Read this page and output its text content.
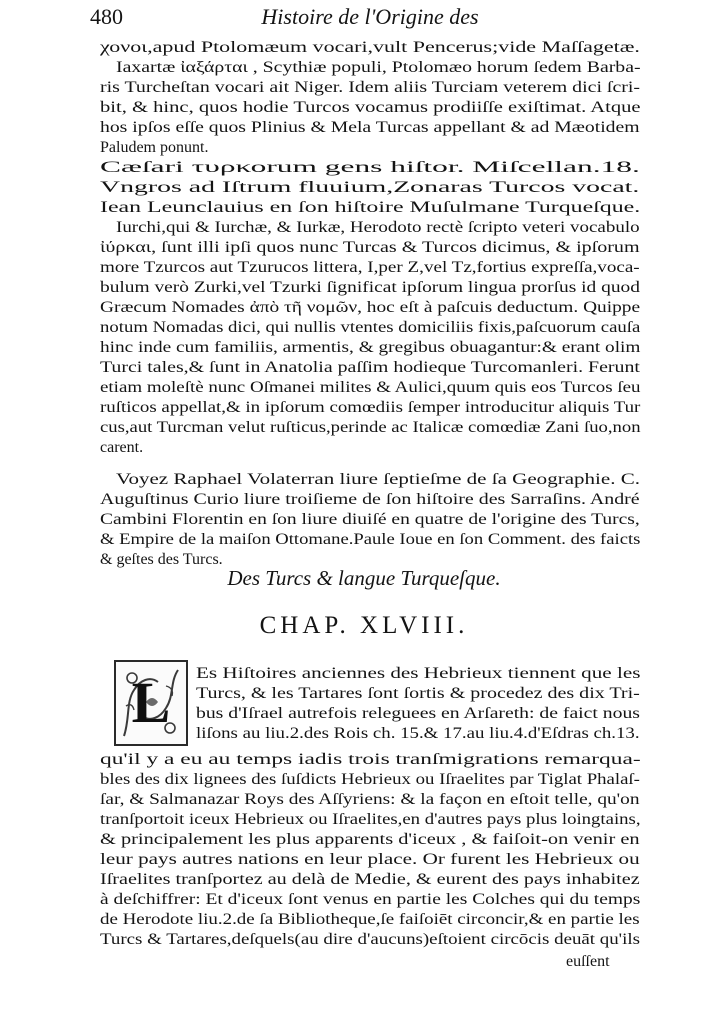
480	Histoire de l'Origine des
χονοι,apud Ptolomæum vocari,vult Pencerus;vide Maſſagetæ.
Iaxartæ ἰαξάρται , Scythiæ populi, Ptolomæo horum ſedem Barba-
ris Turcheſtan vocari ait Niger. Idem aliis Turciam veterem dici ſcri-
bit, & hinc, quos hodie Turcos vocamus prodiiſſe exiſtimat. Atque
hos ipſos eſſe quos Plinius & Mela Turcas appellant & ad Mæotidem
Paludem ponunt.
Cæſari τυρκοrum gens hiſtor. Miſcellan.18.
Vngros ad Iſtrum fluuium,Zonaras Turcos vocat.
Iean Leunclauius en ſon hiſtoire Muſulmane Turqueſque.
Iurchi,qui & Iurchæ, & Iurkæ, Herodoto rectè ſcripto veteri vocabulo
ἰύρκαι, ſunt illi ipſi quos nunc Turcas & Turcos dicimus, & ipſorum
more Tzurcos aut Tzurucos littera, I,per Z,vel Tz,fortius expreſſa,voca-
bulum verò Zurki,vel Tzurki ſignificat ipſorum lingua prorſus id quod
Græcum Nomades ἀπὸ τῆ νομῶν, hoc eſt à paſcuis deductum. Quippe
notum Nomadas dici, qui nullis vtentes domiciliis fixis,paſcuorum cauſa
hinc inde cum familiis, armentis, & gregibus obuagantur:& erant olim
Turci tales,& ſunt in Anatolia paſſim hodieque Turcomanleri. Ferunt
etiam moleſtè nunc Oſmanei milites & Aulici,quum quis eos Turcos ſeu
ruſticos appellat,& in ipſorum comœdiis ſemper introducitur aliquis Tur
cus,aut Turcman velut ruſticus,perinde ac Italicæ comœdiæ Zani ſuo,non
carent.
Voyez Raphael Volaterran liure ſeptieſme de ſa Geographie. C.
Auguſtinus Curio liure troiſieme de ſon hiſtoire des Sarraſins. André
Cambini Florentin en ſon liure diuiſé en quatre de l'origine des Turcs,
& Empire de la maiſon Ottomane.Paule Ioue en ſon Comment. des faicts
& geſtes des Turcs.
Des Turcs & langue Turqueſque.
CHAP. XLVIII.
L Es Hiſtoires anciennes des Hebrieux tiennent que les
Turcs, & les Tartares ſont ſortis & procedez des dix Tri-
bus d'Iſrael autrefois releguees en Arſareth: de faict nous
liſons au liu.2.des Rois ch. 15.& 17.au liu.4.d'Eſdras ch.13.
qu'il y a eu au temps iadis trois tranſmigrations remarqua-
bles des dix lignees des ſuſdicts Hebrieux ou Iſraelites par Tiglat Phalaſ-
ſar, & Salmanazar Roys des Aſſyriens: & la façon en eſtoit telle, qu'on
tranſportoit iceux Hebrieux ou Iſraelites,en d'autres pays plus loingtains,
& principalement les plus apparents d'iceux , & faiſoit-on venir en
leur pays autres nations en leur place. Or furent les Hebrieux ou
Iſraelites tranſportez au delà de Medie, & eurent des pays inhabitez
à deſchiffrer: Et d'iceux ſont venus en partie les Colches qui du temps
de Herodote liu.2.de ſa Bibliotheque,ſe faiſoiēt circoncir,& en partie les
Turcs & Tartares,deſquels(au dire d'aucuns)eſtoient circōcis deuāt qu'ils
euſſent
